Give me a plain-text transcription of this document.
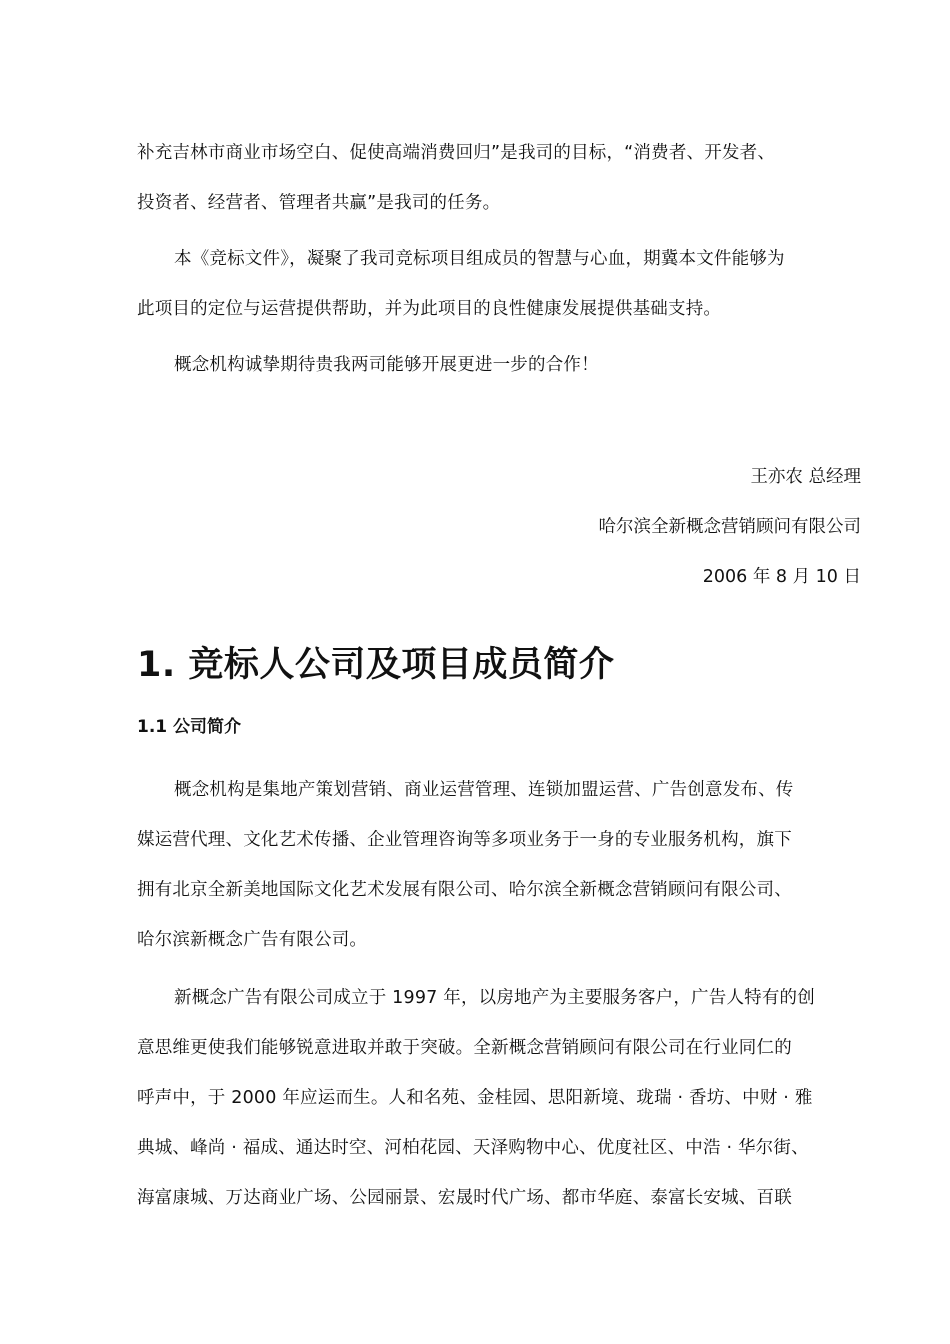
补充吉林市商业市场空白、促使高端消费回归”是我司的目标，“消费者、开发者、

投资者、经营者、管理者共赢”是我司的任务。

本《竞标文件》，凝聚了我司竞标项目组成员的智慧与心血，期冀本文件能够为

此项目的定位与运营提供帮助，并为此项目的良性健康发展提供基础支持。

概念机构诚挚期待贵我两司能够开展更进一步的合作！

王亦农 总经理

哈尔滨全新概念营销顾问有限公司

2006 年 8 月 10 日

1. 竞标人公司及项目成员简介
1.1 公司简介

概念机构是集地产策划营销、商业运营管理、连锁加盟运营、广告创意发布、传

媒运营代理、文化艺术传播、企业管理咨询等多项业务于一身的专业服务机构，旗下

拥有北京全新美地国际文化艺术发展有限公司、哈尔滨全新概念营销顾问有限公司、

哈尔滨新概念广告有限公司。

新概念广告有限公司成立于 1997 年，以房地产为主要服务客户，广告人特有的创

意思维更使我们能够锐意进取并敢于突破。全新概念营销顾问有限公司在行业同仁的

呼声中，于 2000 年应运而生。人和名苑、金桂园、思阳新境、珑瑞 · 香坊、中财 · 雅

典城、峰尚 · 福成、通达时空、河柏花园、天泽购物中心、优度社区、中浩 · 华尔街、

海富康城、万达商业广场、公园丽景、宏晟时代广场、都市华庭、泰富长安城、百联
